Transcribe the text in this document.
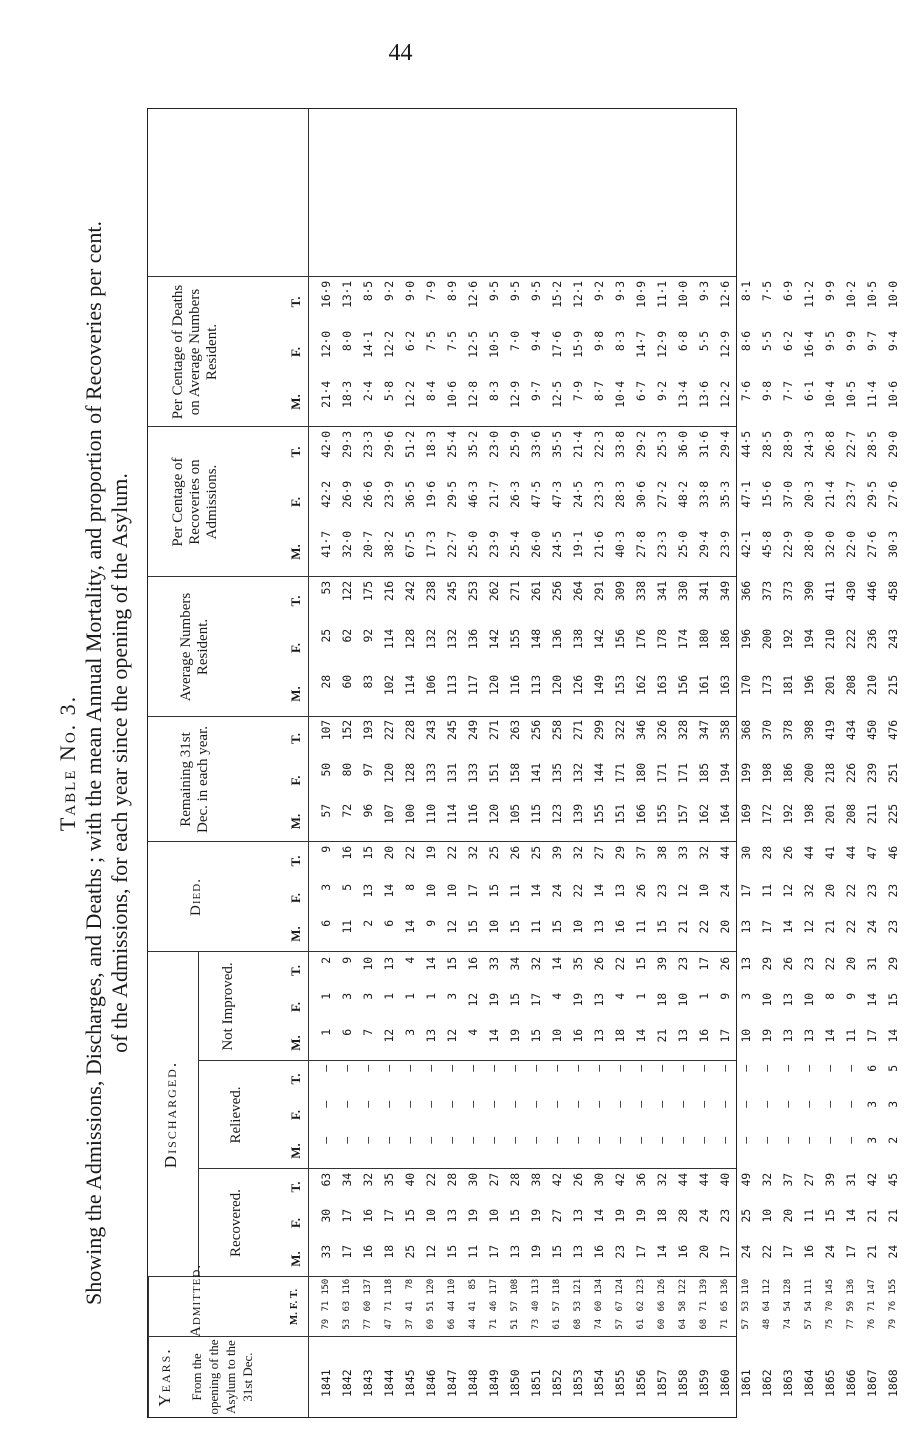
44
Table No. 3. Showing the Admissions, Discharges, and Deaths ; with the mean Annual Mortality, and proportion of Recoveries per cent. of the Admissions, for each year since the opening of the Asylum.
Years. From the opening of the Asylum to the 31st Dec.
Admitted.
Discharged.
Recovered.
Relieved.
Not Improved.
Died.
Remaining 31st Dec. in each year.
Average Numbers Resident.
Per Centage of Recoveries on Admissions.
Per Centage of Deaths on Average Numbers Resident.
M. F. T.
M.
F.
T.
M.
F.
T.
M.
F.
T.
M.
F.
T.
M.
F.
T.
M.
F.
T.
M.
F.
T.
M.
F.
T.
1841
1842
1843
1844
1845
1846
1847
1848
1849
1850
1851
1852
1853
1854
1855
1856
1857
1858
1859
1860
1861
1862
1863
1864
1865
1866
1867
1868
79
53
77
47
37
69
66
44
71
51
73
61
68
74
57
61
60
64
68
71
57
48
74
57
75
77
76
79
71
63
60
71
41
51
44
41
46
57
40
57
53
60
67
62
66
58
71
65
53
64
54
54
70
59
71
76
150
116
137
118
78
120
110
85
117
108
113
118
121
134
124
123
126
122
139
136
110
112
128
111
145
136
147
155
33
17
16
18
25
12
15
11
17
13
19
15
13
16
23
17
14
16
20
17
24
22
17
16
24
17
21
24
30
17
16
17
15
10
13
19
10
15
19
27
13
14
19
19
18
28
24
23
25
10
20
11
15
14
21
21
63
34
32
35
40
22
28
30
27
28
38
42
26
30
42
36
32
44
44
40
49
32
37
27
39
31
42
45
—
—
—
—
—
—
—
—
—
—
—
—
—
—
—
—
—
—
—
—
—
—
—
—
—
—
3
2
—
—
—
—
—
—
—
—
—
—
—
—
—
—
—
—
—
—
—
—
—
—
—
—
—
—
3
3
—
—
—
—
—
—
—
—
—
—
—
—
—
—
—
—
—
—
—
—
—
—
—
—
—
—
6
5
1
6
7
12
3
13
12
4
14
19
15
10
16
13
18
14
21
13
16
17
10
19
13
13
14
11
17
14
1
3
3
1
1
1
3
12
19
15
17
4
19
13
4
1
18
10
1
9
3
10
13
10
8
9
14
15
2
9
10
13
4
14
15
16
33
34
32
14
35
26
22
15
39
23
17
26
13
29
26
23
22
20
31
29
6
11
2
6
14
9
12
15
10
15
11
15
10
13
16
11
15
21
22
20
13
17
14
12
21
22
24
23
3
5
13
14
8
10
10
17
15
11
14
24
22
14
13
26
23
12
10
24
17
11
12
32
20
22
23
23
9
16
15
20
22
19
22
32
25
26
25
39
32
27
29
37
38
33
32
44
30
28
26
44
41
44
47
46
57
72
96
107
100
110
114
116
120
105
115
123
139
155
151
166
155
157
162
164
169
172
192
198
201
208
211
225
50
80
97
120
128
133
131
133
151
158
141
135
132
144
171
180
171
171
185
194
199
198
186
200
218
226
239
251
107
152
193
227
228
243
245
249
271
263
256
258
271
299
322
346
326
328
347
358
368
370
378
398
419
434
450
476
28
60
83
102
114
106
113
117
120
116
113
120
126
149
153
162
163
156
161
163
170
173
181
196
201
208
210
215
25
62
92
114
128
132
132
136
142
155
148
136
138
142
156
176
178
174
180
186
196
200
192
194
210
222
236
243
53
122
175
216
242
238
245
253
262
271
261
256
264
291
309
338
341
330
341
349
366
373
373
390
411
430
446
458
41·7
32·0
20·7
38·2
67·5
17·3
22·7
25·0
23·9
25·4
26·0
24·5
19·1
21·6
40·3
27·8
23·3
25·0
29·4
23·9
42·1
45·8
22·9
28·0
32·0
22·0
27·6
30·3
42·2
26·9
26·6
23·9
36·5
19·6
29·5
46·3
21·7
26·3
47·5
47·3
24·5
23·3
28·3
30·6
27·2
48·2
33·8
35·3
47·1
15·6
37·0
20·3
21·4
23·7
29·5
27·6
42·0
29·3
23·3
29·6
51·2
18·3
25·4
35·2
23·0
25·9
33·6
35·5
21·4
22·3
33·8
29·2
25·3
36·0
31·6
29·4
44·5
28·5
28·9
24·3
26·8
22·7
28·5
29·0
21·4
18·3
2·4
5·8
12·2
8·4
10·6
12·8
8·3
12·9
9·7
12·5
7·9
8·7
10·4
6·7
9·2
13·4
13·6
12·2
7·6
9·8
7·7
6·1
10·4
10·5
11·4
10·6
12·0
8·0
14·1
12·2
6·2
7·5
7·5
12·5
10·5
7·0
9·4
17·6
15·9
9·8
8·3
14·7
12·9
6·8
5·5
12·9
8·6
5·5
6·2
16·4
9·5
9·9
9·7
9·4
16·9
13·1
8·5
9·2
9·0
7·9
8·9
12·6
9·5
9·5
9·5
15·2
12·1
9·2
9·3
10·9
11·1
10·0
9·3
12·6
8·1
7·5
6·9
11·2
9·9
10·2
10·5
10·0
